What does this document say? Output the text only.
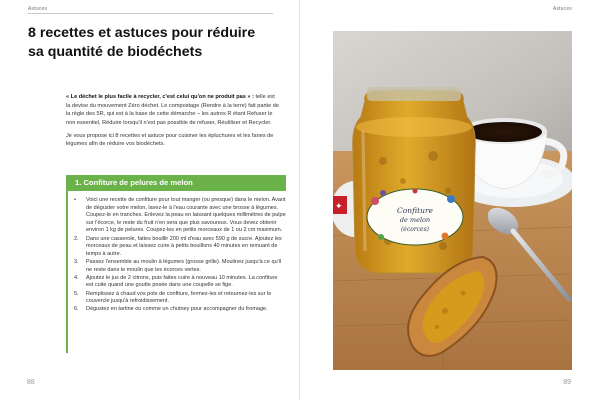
Astuces
8 recettes et astuces pour réduire
sa quantité de biodéchets

« Le déchet le plus facile à recycler, c'est celui qu'on ne produit pas » : telle est la devise du mouvement Zéro déchet. Le compostage (Rendre à la terre) fait partie de la règle des 5R, qui est à la base de cette démarche – les autres R étant Refuser le non essentiel, Réduire lorsqu'il n'est pas possible de refuser, Réutiliser et Recycler.

Je vous propose ici 8 recettes et astuce pour cuisiner les épluchures et les fanes de légumes afin de réduire vos biodéchets.

1. Confiture de pelures de melon
• Voici une recette de confiture pour tout manger (ou presque) dans le melon. Avant de déguster votre melon, lavez-le à l'eau courante avec une brosse à légumes. Coupez-le en tranches. Enlevez la peau en laissant quelques millimètres de pulpe sur l'écorce, le reste du fruit n'en sera que plus savoureux. Vous devez obtenir environ 1 kg de pelures. Coupez-les en petits morceaux de 1 ou 2 cm maximum.
2. Dans une casserole, faites bouillir 200 ml d'eau avec 590 g de sucre. Ajoutez les morceaux de peau et laissez cuire à petits bouillons 40 minutes en remuant de temps à autre.
3. Passez l'ensemble au moulin à légumes (grosse grille). Moulinez jusqu'à ce qu'il ne reste dans le moulin que les écorces vertes.
4. Ajoutez le jus de 2 citrons, puis faites cuire à nouveau 10 minutes. La confiture est cuite quand une goutte posée dans une coupelle se fige.
5. Remplissez à chaud vos pots de confiture, fermez-les et retournez-les sur le couvercle jusqu'à refroidissement.
6. Dégustez en tartine ou comme un chutney pour accompagner du fromage.
88
Astuces
89
✦	Confiture
de melon
(écorces)
